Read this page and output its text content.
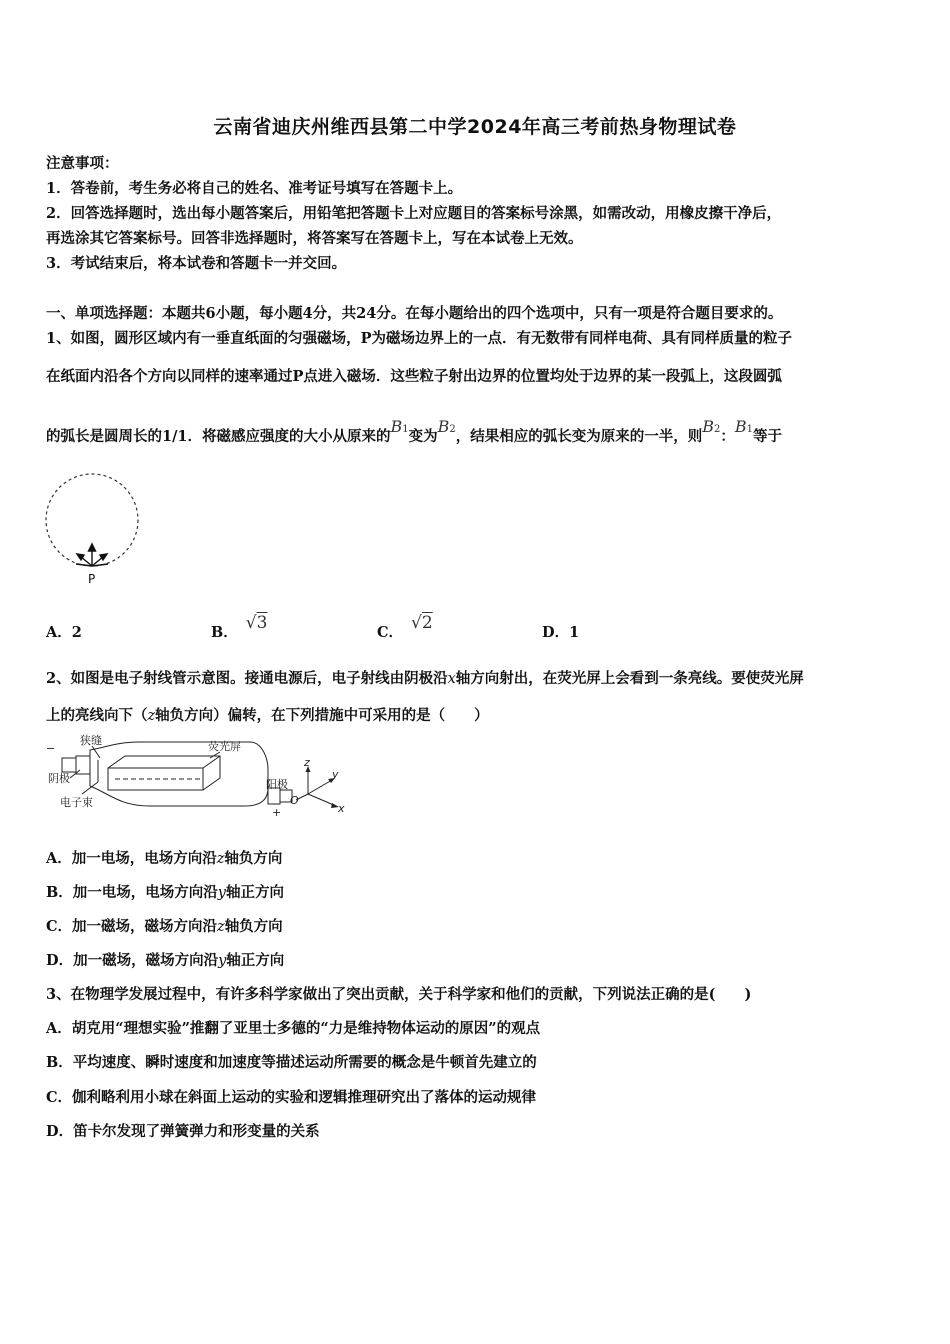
云南省迪庆州维西县第二中学2024年高三考前热身物理试卷
注意事项：
1．答卷前，考生务必将自己的姓名、准考证号填写在答题卡上。
2．回答选择题时，选出每小题答案后，用铅笔把答题卡上对应题目的答案标号涂黑，如需改动，用橡皮擦干净后，
再选涂其它答案标号。回答非选择题时，将答案写在答题卡上，写在本试卷上无效。
3．考试结束后，将本试卷和答题卡一并交回。
一、单项选择题：本题共6小题，每小题4分，共24分。在每小题给出的四个选项中，只有一项是符合题目要求的。
1、如图，圆形区域内有一垂直纸面的匀强磁场，P为磁场边界上的一点．有无数带有同样电荷、具有同样质量的粒子
在纸面内沿各个方向以同样的速率通过P点进入磁场．这些粒子射出边界的位置均处于边界的某一段弧上，这段圆弧
的弧长是圆周长的1/1．将磁感应强度的大小从原来的B1变为B2，结果相应的弧长变为原来的一半，则B2：B1等于
P
A．2	B． √3	C． √2	D．1
2、如图是电子射线管示意图。接通电源后，电子射线由阴极沿x轴方向射出，在荧光屏上会看到一条亮线。要使荧光屏
上的亮线向下（z轴负方向）偏转，在下列措施中可采用的是（　　）
狭缝	荧光屏
阴极	阳极
电子束
−
+
z
y
x
O
A．加一电场，电场方向沿z轴负方向
B．加一电场，电场方向沿y轴正方向
C．加一磁场，磁场方向沿z轴负方向
D．加一磁场，磁场方向沿y轴正方向
3、在物理学发展过程中，有许多科学家做出了突出贡献，关于科学家和他们的贡献，下列说法正确的是(　　)
A．胡克用“理想实验”推翻了亚里士多德的“力是维持物体运动的原因”的观点
B．平均速度、瞬时速度和加速度等描述运动所需要的概念是牛顿首先建立的
C．伽利略利用小球在斜面上运动的实验和逻辑推理研究出了落体的运动规律
D．笛卡尔发现了弹簧弹力和形变量的关系
